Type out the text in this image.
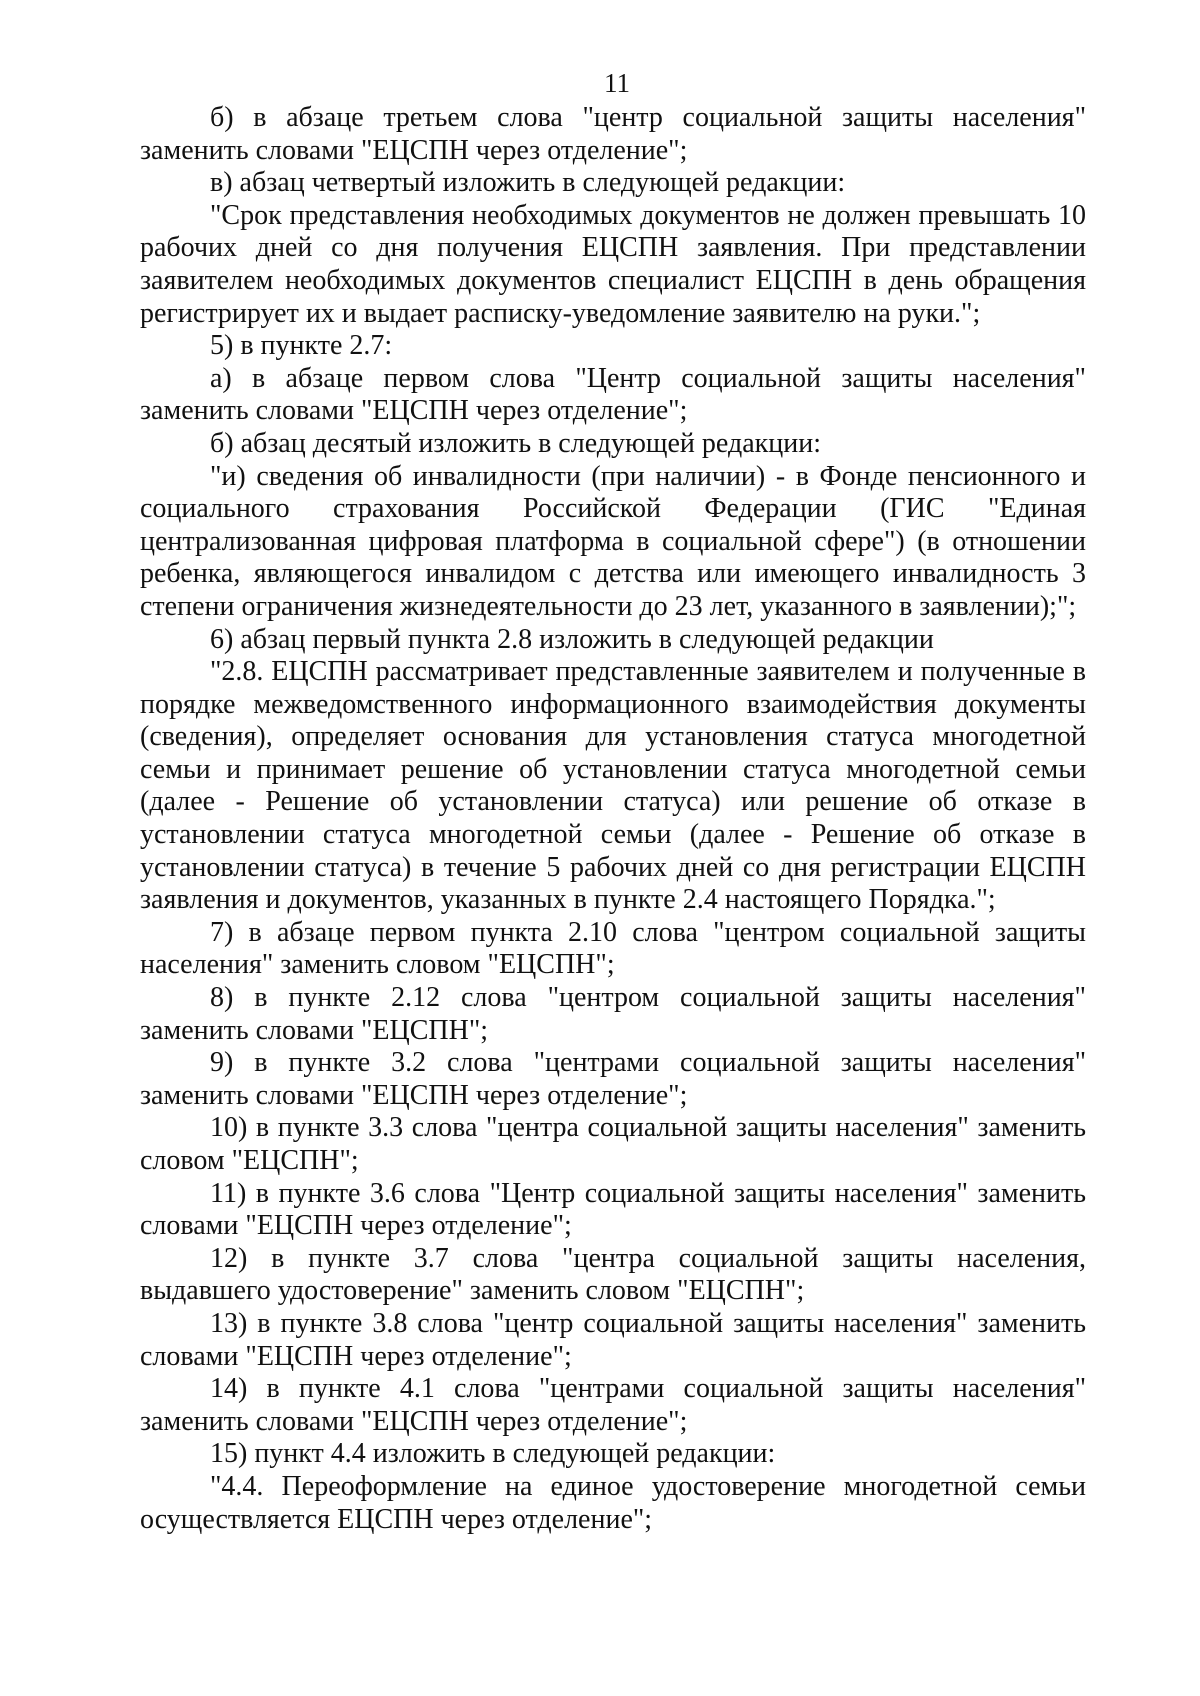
11

б) в абзаце третьем слова "центр социальной защиты населения" заменить словами "ЕЦСПН через отделение";

в) абзац четвертый изложить в следующей редакции:

"Срок представления необходимых документов не должен превышать 10 рабочих дней со дня получения ЕЦСПН заявления. При представлении заявителем необходимых документов специалист ЕЦСПН в день обращения регистрирует их и выдает расписку-уведомление заявителю на руки.";

5) в пункте 2.7:

а) в абзаце первом слова "Центр социальной защиты населения" заменить словами "ЕЦСПН через отделение";

б) абзац десятый изложить в следующей редакции:

"и) сведения об инвалидности (при наличии) - в Фонде пенсионного и социального страхования Российской Федерации (ГИС "Единая централизованная цифровая платформа в социальной сфере") (в отношении ребенка, являющегося инвалидом с детства или имеющего инвалидность 3 степени ограничения жизнедеятельности до 23 лет, указанного в заявлении);";

6) абзац первый пункта 2.8 изложить в следующей редакции

"2.8. ЕЦСПН рассматривает представленные заявителем и полученные в порядке межведомственного информационного взаимодействия документы (сведения), определяет основания для установления статуса многодетной семьи и принимает решение об установлении статуса многодетной семьи (далее - Решение об установлении статуса) или решение об отказе в установлении статуса многодетной семьи (далее - Решение об отказе в установлении статуса) в течение 5 рабочих дней со дня регистрации ЕЦСПН заявления и документов, указанных в пункте 2.4 настоящего Порядка.";

7) в абзаце первом пункта 2.10 слова "центром социальной защиты населения" заменить словом "ЕЦСПН";

8) в пункте 2.12 слова "центром социальной защиты населения" заменить словами "ЕЦСПН";

9) в пункте 3.2 слова "центрами социальной защиты населения" заменить словами "ЕЦСПН через отделение";

10) в пункте 3.3 слова "центра социальной защиты населения" заменить словом "ЕЦСПН";

11) в пункте 3.6 слова "Центр социальной защиты населения" заменить словами "ЕЦСПН через отделение";

12) в пункте 3.7 слова "центра социальной защиты населения, выдавшего удостоверение" заменить словом "ЕЦСПН";

13) в пункте 3.8 слова "центр социальной защиты населения" заменить словами "ЕЦСПН через отделение";

14) в пункте 4.1 слова "центрами социальной защиты населения" заменить словами "ЕЦСПН через отделение";

15) пункт 4.4 изложить в следующей редакции:

"4.4. Переоформление на единое удостоверение многодетной семьи осуществляется ЕЦСПН через отделение";
